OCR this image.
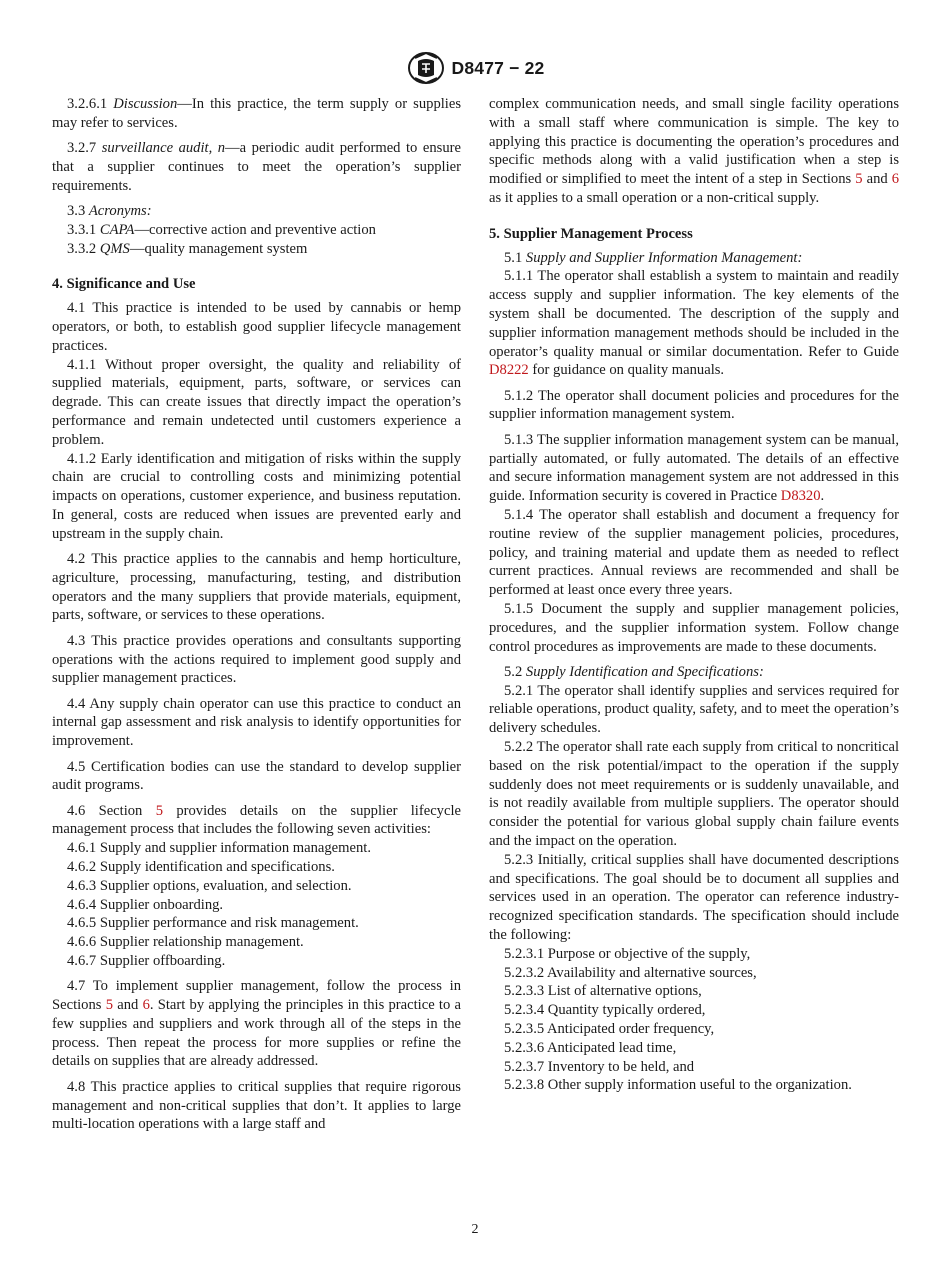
D8477 − 22

3.2.6.1 Discussion—In this practice, the term supply or supplies may refer to services.

3.2.7 surveillance audit, n—a periodic audit performed to ensure that a supplier continues to meet the operation’s supplier requirements.

3.3 Acronyms:

3.3.1 CAPA—corrective action and preventive action

3.3.2 QMS—quality management system

4. Significance and Use

4.1 This practice is intended to be used by cannabis or hemp operators, or both, to establish good supplier lifecycle management practices.

4.1.1 Without proper oversight, the quality and reliability of supplied materials, equipment, parts, software, or services can degrade. This can create issues that directly impact the operation’s performance and remain undetected until customers experience a problem.

4.1.2 Early identification and mitigation of risks within the supply chain are crucial to controlling costs and minimizing potential impacts on operations, customer experience, and business reputation. In general, costs are reduced when issues are prevented early and upstream in the supply chain.

4.2 This practice applies to the cannabis and hemp horticulture, agriculture, processing, manufacturing, testing, and distribution operators and the many suppliers that provide materials, equipment, parts, software, or services to these operations.

4.3 This practice provides operations and consultants supporting operations with the actions required to implement good supply and supplier management practices.

4.4 Any supply chain operator can use this practice to conduct an internal gap assessment and risk analysis to identify opportunities for improvement.

4.5 Certification bodies can use the standard to develop supplier audit programs.

4.6 Section 5 provides details on the supplier lifecycle management process that includes the following seven activities:

4.6.1 Supply and supplier information management.

4.6.2 Supply identification and specifications.

4.6.3 Supplier options, evaluation, and selection.

4.6.4 Supplier onboarding.

4.6.5 Supplier performance and risk management.

4.6.6 Supplier relationship management.

4.6.7 Supplier offboarding.

4.7 To implement supplier management, follow the process in Sections 5 and 6. Start by applying the principles in this practice to a few supplies and suppliers and work through all of the steps in the process. Then repeat the process for more supplies or refine the details on supplies that are already addressed.

4.8 This practice applies to critical supplies that require rigorous management and non-critical supplies that don’t. It applies to large multi-location operations with a large staff and

complex communication needs, and small single facility operations with a small staff where communication is simple. The key to applying this practice is documenting the operation’s procedures and specific methods along with a valid justification when a step is modified or simplified to meet the intent of a step in Sections 5 and 6 as it applies to a small operation or a non-critical supply.

5. Supplier Management Process

5.1 Supply and Supplier Information Management:

5.1.1 The operator shall establish a system to maintain and readily access supply and supplier information. The key elements of the system shall be documented. The description of the supply and supplier information management methods should be included in the operator’s quality manual or similar documentation. Refer to Guide D8222 for guidance on quality manuals.

5.1.2 The operator shall document policies and procedures for the supplier information management system.

5.1.3 The supplier information management system can be manual, partially automated, or fully automated. The details of an effective and secure information management system are not addressed in this guide. Information security is covered in Practice D8320.

5.1.4 The operator shall establish and document a frequency for routine review of the supplier management policies, procedures, policy, and training material and update them as needed to reflect current practices. Annual reviews are recommended and shall be performed at least once every three years.

5.1.5 Document the supply and supplier management policies, procedures, and the supplier information system. Follow change control procedures as improvements are made to these documents.

5.2 Supply Identification and Specifications:

5.2.1 The operator shall identify supplies and services required for reliable operations, product quality, safety, and to meet the operation’s delivery schedules.

5.2.2 The operator shall rate each supply from critical to noncritical based on the risk potential/impact to the operation if the supply suddenly does not meet requirements or is suddenly unavailable, and is not readily available from multiple suppliers. The operator should consider the potential for various global supply chain failure events and the impact on the operation.

5.2.3 Initially, critical supplies shall have documented descriptions and specifications. The goal should be to document all supplies and services used in an operation. The operator can reference industry-recognized specification standards. The specification should include the following:

5.2.3.1 Purpose or objective of the supply,

5.2.3.2 Availability and alternative sources,

5.2.3.3 List of alternative options,

5.2.3.4 Quantity typically ordered,

5.2.3.5 Anticipated order frequency,

5.2.3.6 Anticipated lead time,

5.2.3.7 Inventory to be held, and

5.2.3.8 Other supply information useful to the organization.

2
